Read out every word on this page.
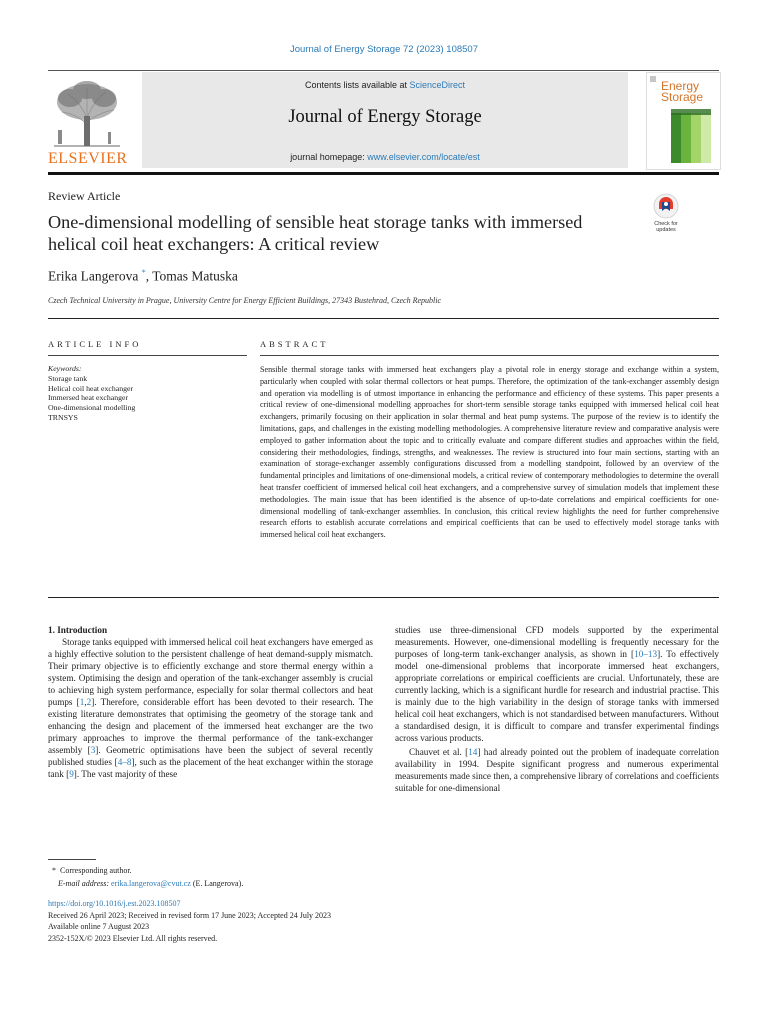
Journal of Energy Storage 72 (2023) 108507
ELSEVIER
Contents lists available at ScienceDirect
Journal of Energy Storage
journal homepage: www.elsevier.com/locate/est
Energy
Storage
Review Article
One-dimensional modelling of sensible heat storage tanks with immersed helical coil heat exchangers: A critical review
Check for
updates
Erika Langerova *, Tomas Matuska
Czech Technical University in Prague, University Centre for Energy Efficient Buildings, 27343 Bustehrad, Czech Republic
ARTICLE INFO	ABSTRACT
Keywords:
Storage tank
Helical coil heat exchanger
Immersed heat exchanger
One-dimensional modelling
TRNSYS
Sensible thermal storage tanks with immersed heat exchangers play a pivotal role in energy storage and exchange within a system, particularly when coupled with solar thermal collectors or heat pumps. Therefore, the optimization of the tank-exchanger assembly design and operation via modelling is of utmost importance in enhancing the performance and efficiency of these systems. This paper presents a critical review of one-dimensional modelling approaches for short-term sensible storage tanks equipped with immersed helical coil heat exchangers, primarily focusing on their application in solar thermal and heat pump systems. The purpose of the review is to identify the limitations, gaps, and challenges in the existing modelling methodologies. A comprehensive literature review and comparative analysis were employed to gather information about the topic and to critically evaluate and compare different studies and approaches within the field, considering their methodologies, findings, strengths, and weaknesses. The review is structured into four main sections, starting with an examination of storage-exchanger assembly configurations discussed from a modelling standpoint, followed by an overview of the fundamental principles and limitations of one-dimensional models, a critical review of contemporary methodologies to determine the overall heat transfer coefficient of immersed helical coil heat exchangers, and a comprehensive survey of simulation models that implement these methodologies. The main issue that has been identified is the absence of up-to-date correlations and empirical coefficients for one-dimensional modelling of tank-exchanger assemblies. In conclusion, this critical review highlights the need for further comprehensive research efforts to establish accurate correlations and empirical coefficients that can be used to effectively model storage tanks with immersed helical coil heat exchangers.

1. Introduction

Storage tanks equipped with immersed helical coil heat exchangers have emerged as a highly effective solution to the persistent challenge of heat demand-supply mismatch. Their primary objective is to efficiently exchange and store thermal energy within a system. Optimising the design and operation of the tank-exchanger assembly is crucial to achieving high system performance, especially for solar thermal collectors and heat pumps [1,2]. Therefore, considerable effort has been devoted to their research. The existing literature demonstrates that optimising the geometry of the storage tank and enhancing the design and placement of the immersed heat exchanger are the two primary approaches to improve the thermal performance of the tank-exchanger assembly [3]. Geometric optimisations have been the subject of several recently published studies [4–8], such as the placement of the heat exchanger within the storage tank [9]. The vast majority of these

studies use three-dimensional CFD models supported by the experimental measurements. However, one-dimensional modelling is frequently necessary for the purposes of long-term tank-exchanger analysis, as shown in [10–13]. To effectively model one-dimensional problems that incorporate immersed heat exchangers, appropriate correlations or empirical coefficients are crucial. Unfortunately, these are currently lacking, which is a significant hurdle for research and industrial practise. This is mainly due to the high variability in the design of storage tanks with immersed helical coil heat exchangers, which is not standardised between manufacturers. Without a standardised design, it is difficult to compare and transfer experimental findings across various products.

Chauvet et al. [14] had already pointed out the problem of inadequate correlation availability in 1994. Despite significant progress and numerous experimental measurements made since then, a comprehensive library of correlations and coefficients suitable for one-dimensional

* Corresponding author.
E-mail address: erika.langerova@cvut.cz (E. Langerova).
https://doi.org/10.1016/j.est.2023.108507
Received 26 April 2023; Received in revised form 17 June 2023; Accepted 24 July 2023
Available online 7 August 2023
2352-152X/© 2023 Elsevier Ltd. All rights reserved.
